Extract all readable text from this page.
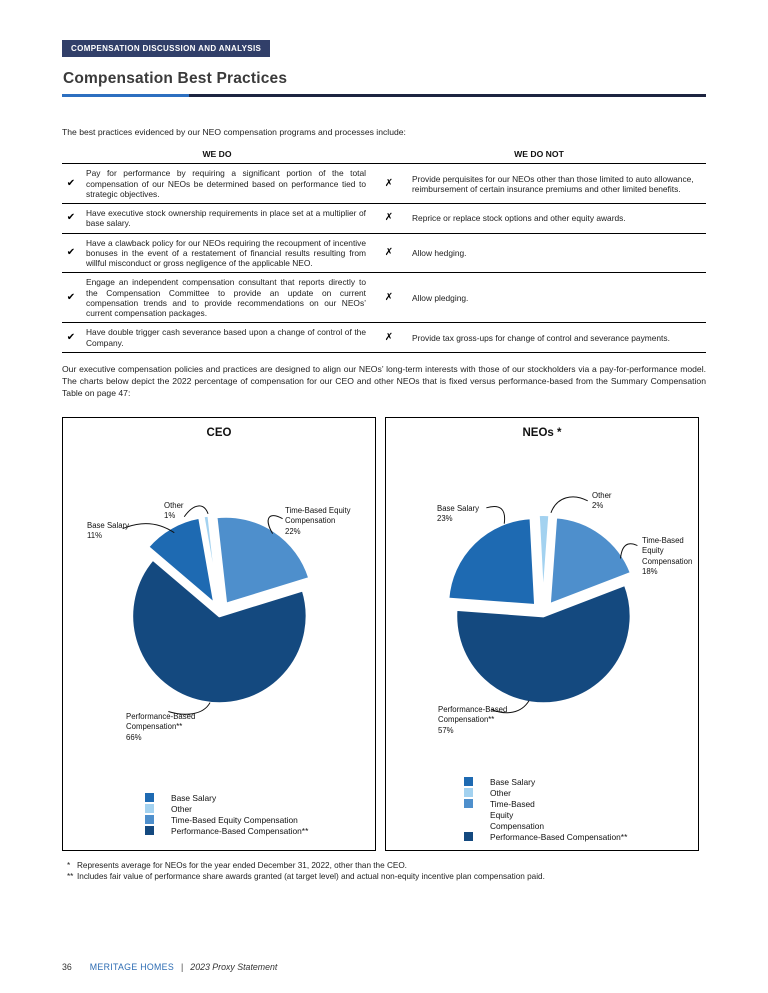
COMPENSATION DISCUSSION AND ANALYSIS
Compensation Best Practices

The best practices evidenced by our NEO compensation programs and processes include:

WE DO		WE DO NOT	
✔	Pay for performance by requiring a significant portion of the total compensation of our NEOs be determined based on performance tied to strategic objectives.	✗	Provide perquisites for our NEOs other than those limited to auto allowance, reimbursement of certain insurance premiums and other limited benefits.
✔	Have executive stock ownership requirements in place set at a multiplier of base salary.	✗	Reprice or replace stock options and other equity awards.
✔	Have a clawback policy for our NEOs requiring the recoupment of incentive bonuses in the event of a restatement of financial results resulting from willful misconduct or gross negligence of the applicable NEO.	✗	Allow hedging.
✔	Engage an independent compensation consultant that reports directly to the Compensation Committee to provide an update on current compensation trends and to provide recommendations on our NEOs’ current compensation packages.	✗	Allow pledging.
✔	Have double trigger cash severance based upon a change of control of the Company.	✗	Provide tax gross-ups for change of control and severance payments.

Our executive compensation policies and practices are designed to align our NEOs’ long-term interests with those of our stockholders via a pay-for-performance model. The charts below depict the 2022 percentage of compensation for our CEO and other NEOs that is fixed versus performance-based from the Summary Compensation Table on page 47:

CEO
Base Salary
11%
Other
1%
Time-Based Equity
Compensation
22%
Performance-Based
Compensation**
66%
Base Salary
Other
Time-Based Equity Compensation
Performance-Based Compensation**
NEOs *
Base Salary
23%
Other
2%
Time-Based
Equity
Compensation
18%
Performance-Based
Compensation**
57%
Base Salary
Other
Time-Based
Equity
Compensation
Performance-Based Compensation**
* Represents average for NEOs for the year ended December 31, 2022, other than the CEO.
** Includes fair value of performance share awards granted (at target level) and actual non-equity incentive plan compensation paid.
36 MERITAGE HOMES | 2023 Proxy Statement
